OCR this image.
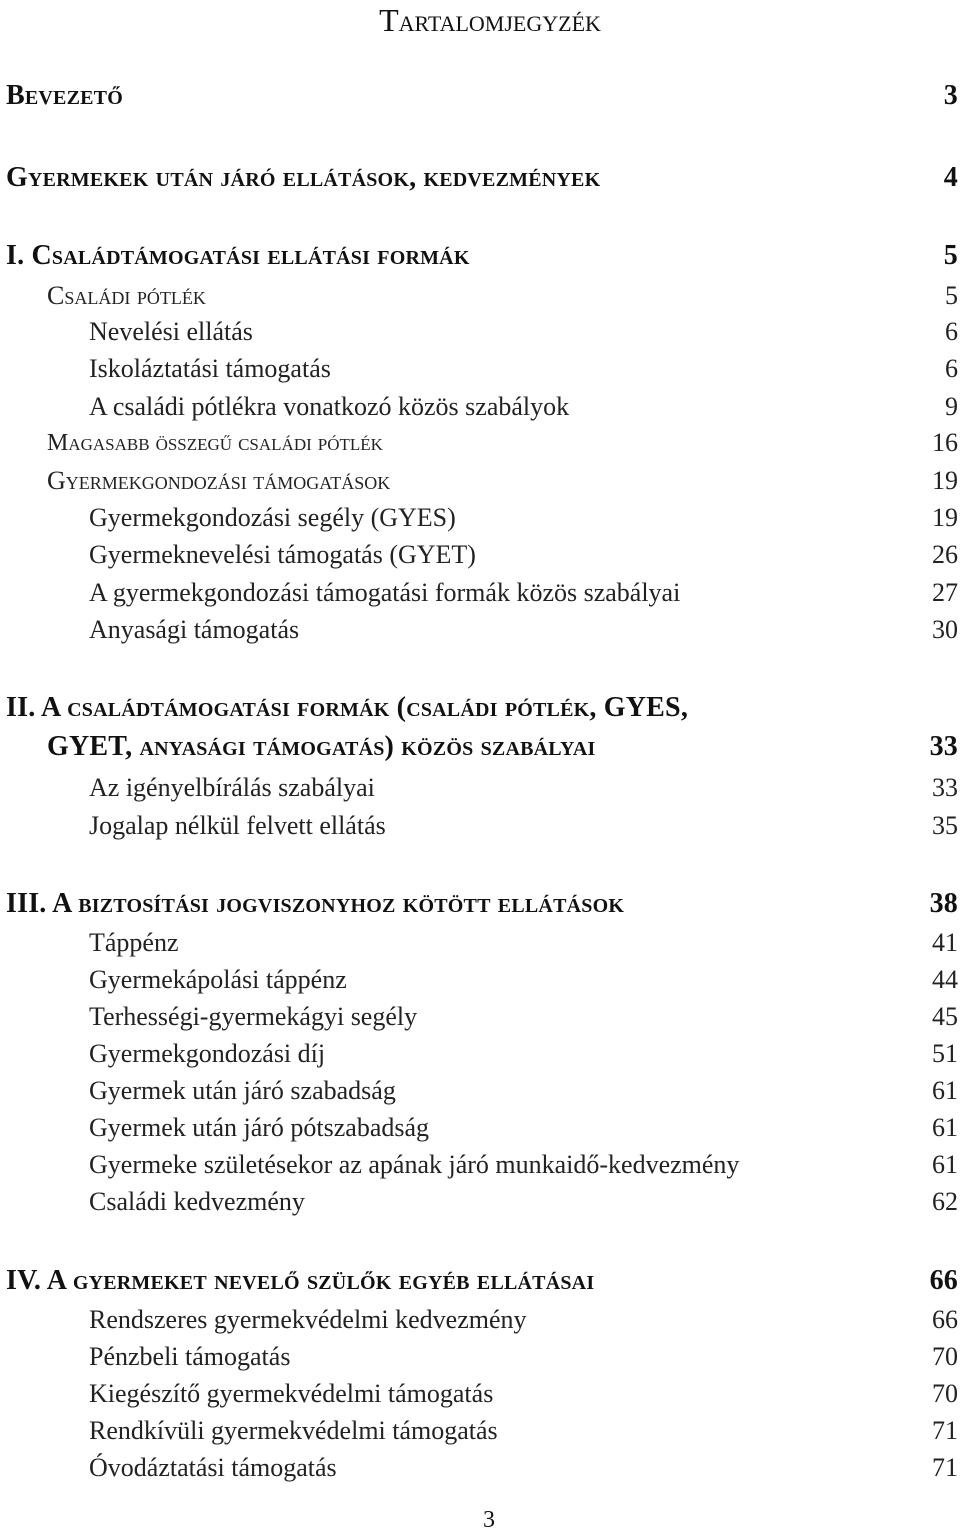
Tartalomjegyzék
Bevezető	3
Gyermekek után járó ellátások, kedvezmények	4
I. Családtámogatási ellátási formák	5
Családi pótlék	5
Nevelési ellátás	6
Iskoláztatási támogatás	6
A családi pótlékra vonatkozó közös szabályok	9
Magasabb összegű családi pótlék	16
Gyermekgondozási támogatások	19
Gyermekgondozási segély (GYES)	19
Gyermeknevelési támogatás (GYET)	26
A gyermekgondozási támogatási formák közös szabályai	27
Anyasági támogatás	30
II. A családtámogatási formák (családi pótlék, GYES,
GYET, anyasági támogatás) közös szabályai	33
Az igényelbírálás szabályai	33
Jogalap nélkül felvett ellátás	35
III. A biztosítási jogviszonyhoz kötött ellátások	38
Táppénz	41
Gyermekápolási táppénz	44
Terhességi-gyermekágyi segély	45
Gyermekgondozási díj	51
Gyermek után járó szabadság	61
Gyermek után járó pótszabadság	61
Gyermeke születésekor az apának járó munkaidő-kedvezmény	61
Családi kedvezmény	62
IV. A gyermeket nevelő szülők egyéb ellátásai	66
Rendszeres gyermekvédelmi kedvezmény	66
Pénzbeli támogatás	70
Kiegészítő gyermekvédelmi támogatás	70
Rendkívüli gyermekvédelmi támogatás	71
Óvodáztatási támogatás	71
3
